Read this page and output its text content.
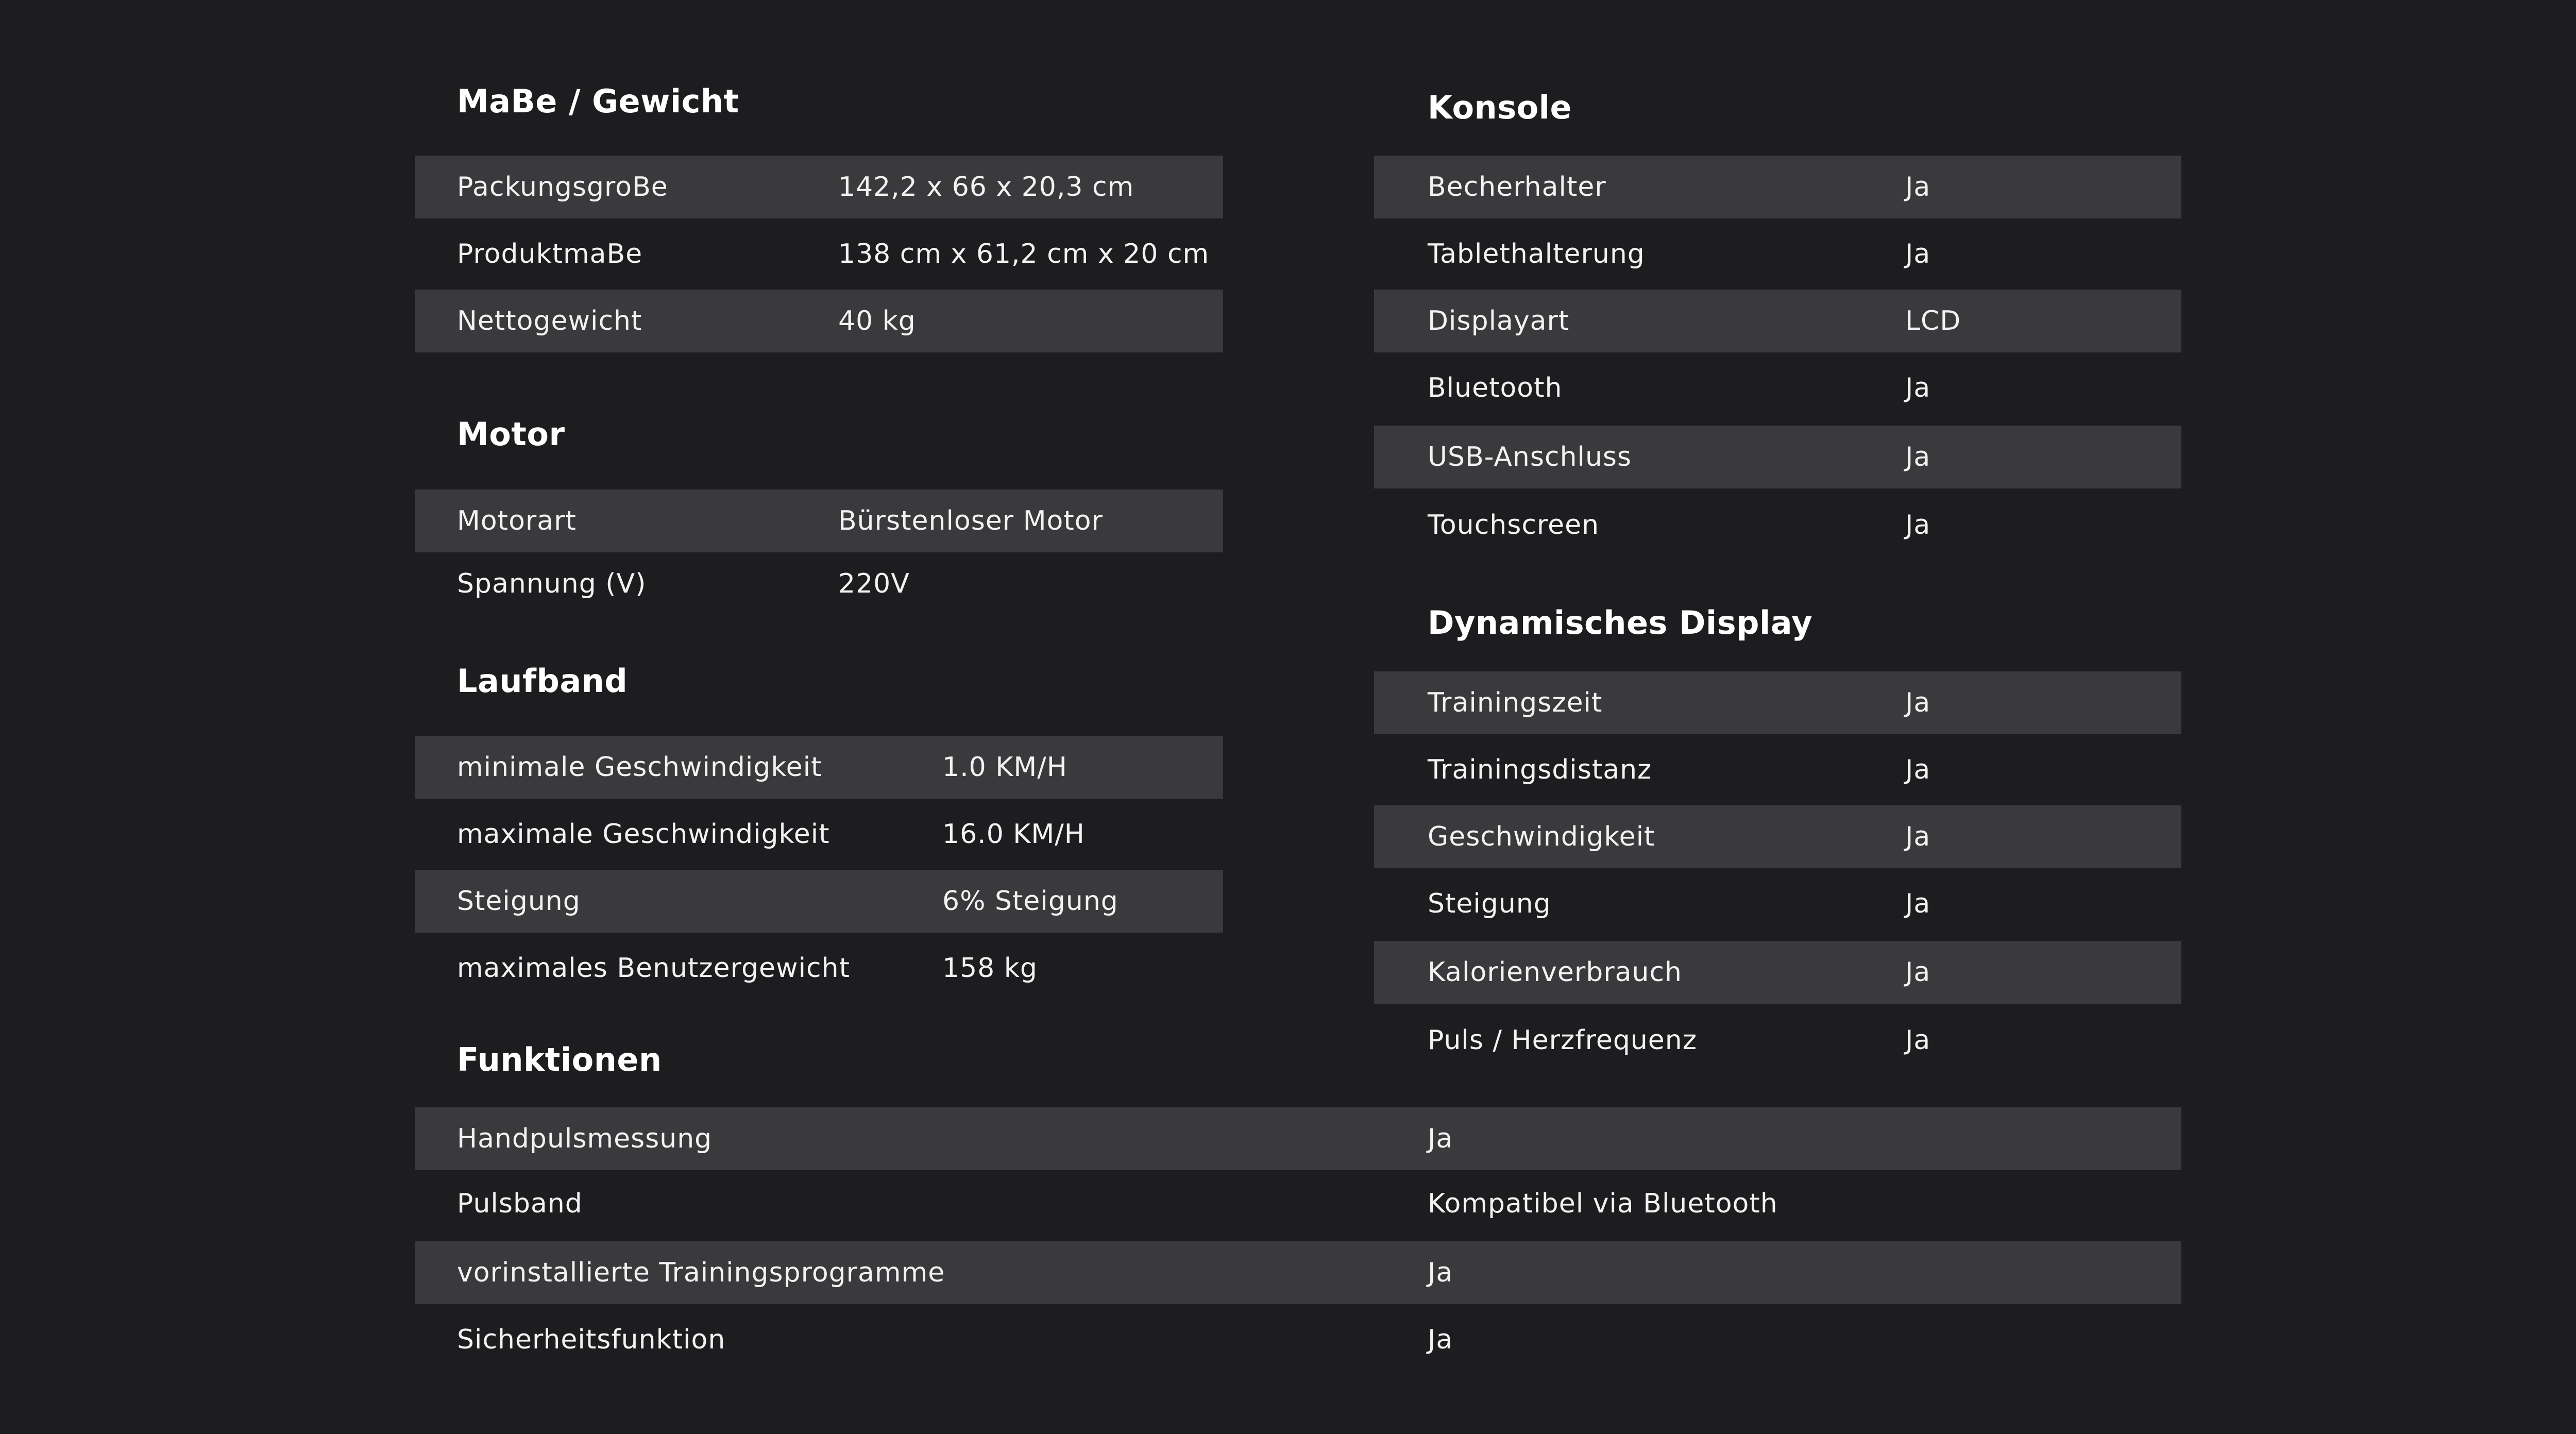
MaBe / Gewicht
PackungsgroBe	142,2 x 66 x 20,3 cm
ProduktmaBe	138 cm x 61,2 cm x 20 cm
Nettogewicht	40 kg
Motor
Motorart	Bürstenloser Motor
Spannung (V)	220V
Laufband
minimale Geschwindigkeit	1.0 KM/H
maximale Geschwindigkeit	16.0 KM/H
Steigung	6% Steigung
maximales Benutzergewicht	158 kg
Konsole
Becherhalter	Ja
Tablethalterung	Ja
Displayart	LCD
Bluetooth	Ja
USB-Anschluss	Ja
Touchscreen	Ja
Dynamisches Display
Trainingszeit	Ja
Trainingsdistanz	Ja
Geschwindigkeit	Ja
Steigung	Ja
Kalorienverbrauch	Ja
Puls / Herzfrequenz	Ja
Funktionen
Handpulsmessung	Ja
Pulsband	Kompatibel via Bluetooth
vorinstallierte Trainingsprogramme	Ja
Sicherheitsfunktion	Ja
